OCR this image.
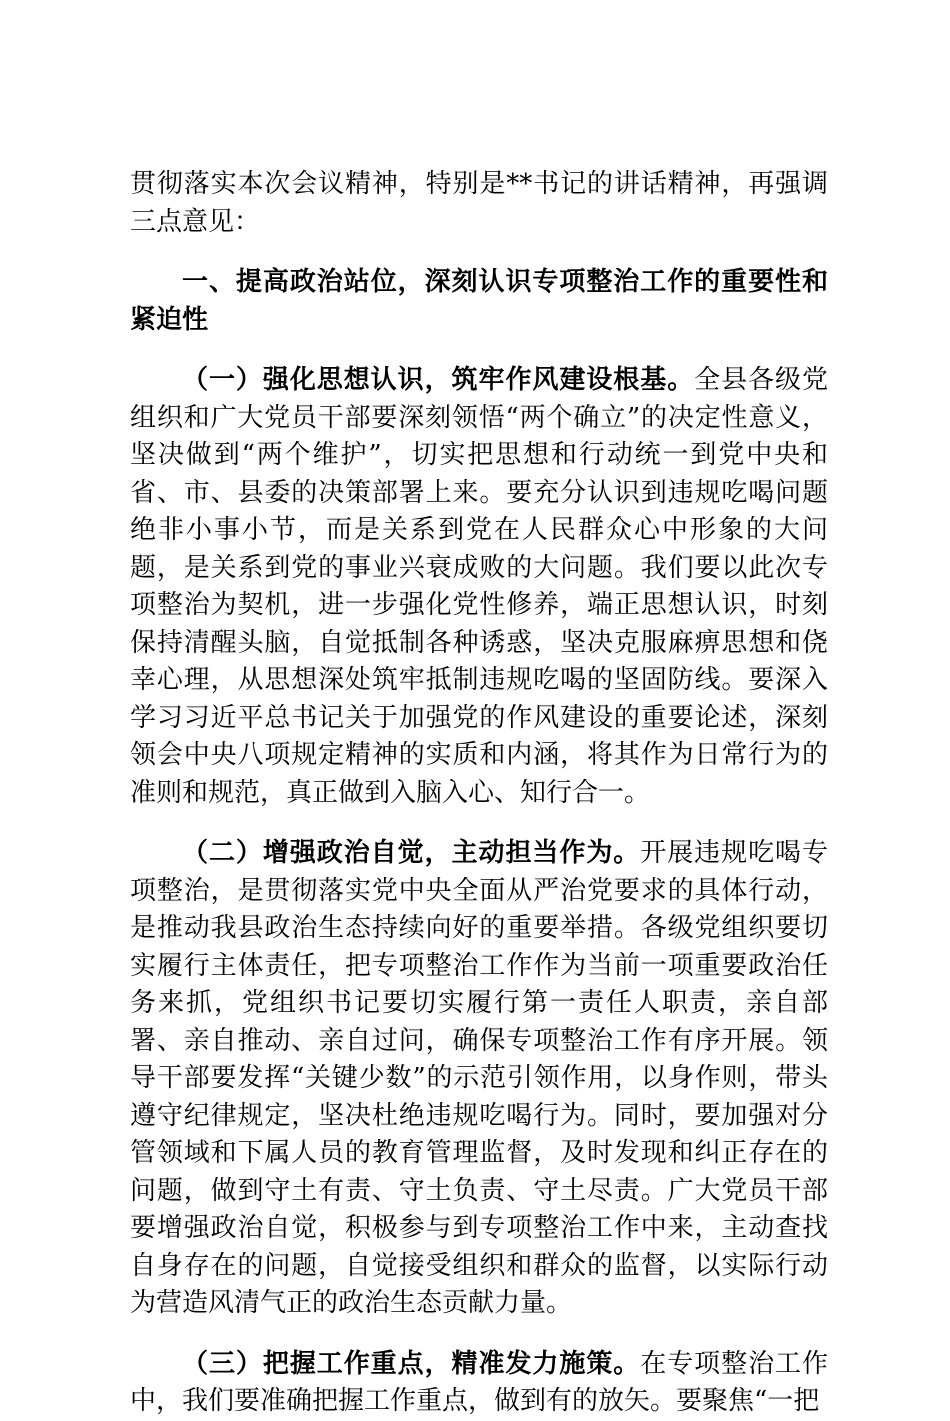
贯彻落实本次会议精神，特别是**书记的讲话精神，再强调三点意见：

一、提高政治站位，深刻认识专项整治工作的重要性和紧迫性

（一）强化思想认识，筑牢作风建设根基。全县各级党组织和广大党员干部要深刻领悟“两个确立”的决定性意义，坚决做到“两个维护”，切实把思想和行动统一到党中央和省、市、县委的决策部署上来。要充分认识到违规吃喝问题绝非小事小节，而是关系到党在人民群众心中形象的大问题，是关系到党的事业兴衰成败的大问题。我们要以此次专项整治为契机，进一步强化党性修养，端正思想认识，时刻保持清醒头脑，自觉抵制各种诱惑，坚决克服麻痹思想和侥幸心理，从思想深处筑牢抵制违规吃喝的坚固防线。要深入学习习近平总书记关于加强党的作风建设的重要论述，深刻领会中央八项规定精神的实质和内涵，将其作为日常行为的准则和规范，真正做到入脑入心、知行合一。

（二）增强政治自觉，主动担当作为。开展违规吃喝专项整治，是贯彻落实党中央全面从严治党要求的具体行动，是推动我县政治生态持续向好的重要举措。各级党组织要切实履行主体责任，把专项整治工作作为当前一项重要政治任务来抓，党组织书记要切实履行第一责任人职责，亲自部署、亲自推动、亲自过问，确保专项整治工作有序开展。领导干部要发挥“关键少数”的示范引领作用，以身作则，带头遵守纪律规定，坚决杜绝违规吃喝行为。同时，要加强对分管领域和下属人员的教育管理监督，及时发现和纠正存在的问题，做到守土有责、守土负责、守土尽责。广大党员干部要增强政治自觉，积极参与到专项整治工作中来，主动查找自身存在的问题，自觉接受组织和群众的监督，以实际行动为营造风清气正的政治生态贡献力量。

（三）把握工作重点，精准发力施策。在专项整治工作中，我们要准确把握工作重点，做到有的放矢。要聚焦“一把
